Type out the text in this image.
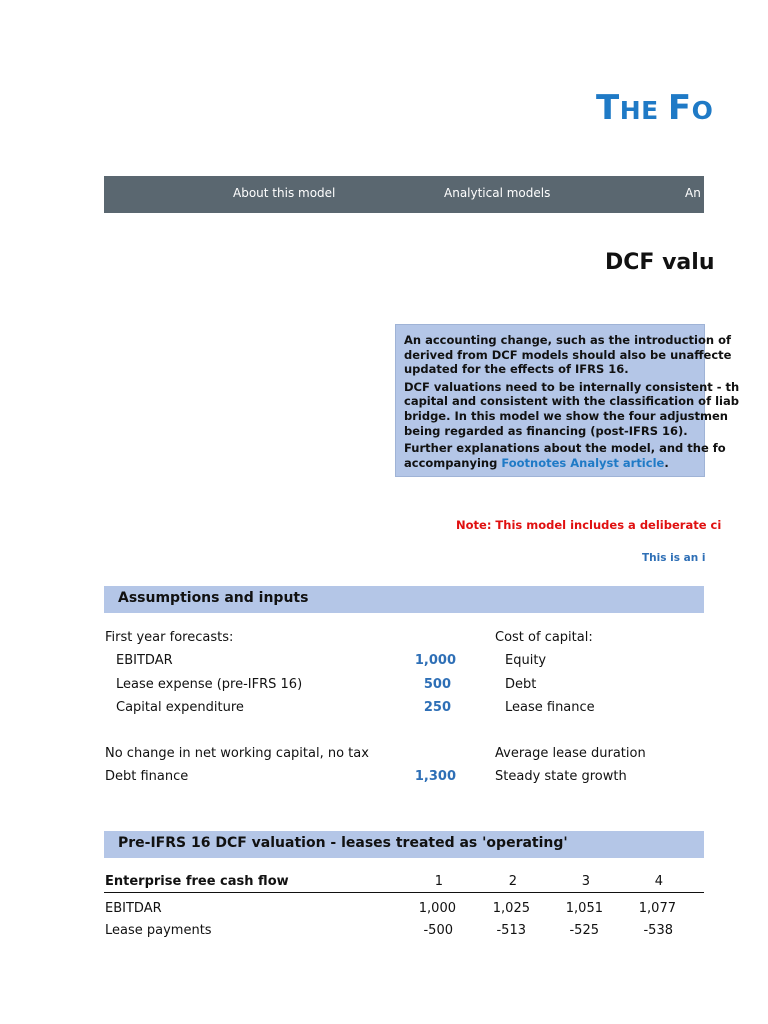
THE FO
About this model	Analytical models	An
DCF valu

An accounting change, such as the introduction of
derived from DCF models should also be unaffecte
updated for the effects of IFRS 16.

DCF valuations need to be internally consistent - th
capital and consistent with the classification of liab
bridge. In this model we show the four adjustmen
being regarded as financing (post-IFRS 16).

Further explanations about the model, and the fo
accompanying Footnotes Analyst article.

Note: This model includes a deliberate ci
This is an i
Assumptions and inputs
First year forecasts:
EBITDAR	1,000
Lease expense (pre-IFRS 16)	500
Capital expenditure	250
No change in net working capital, no tax
Debt finance	1,300
Cost of capital:
Equity
Debt
Lease finance
Average lease duration
Steady state growth
Pre-IFRS 16 DCF valuation - leases treated as 'operating'
Enterprise free cash flow	1	2	3	4
EBITDAR	1,000	1,025	1,051	1,077
Lease payments	-500	-513	-525	-538
